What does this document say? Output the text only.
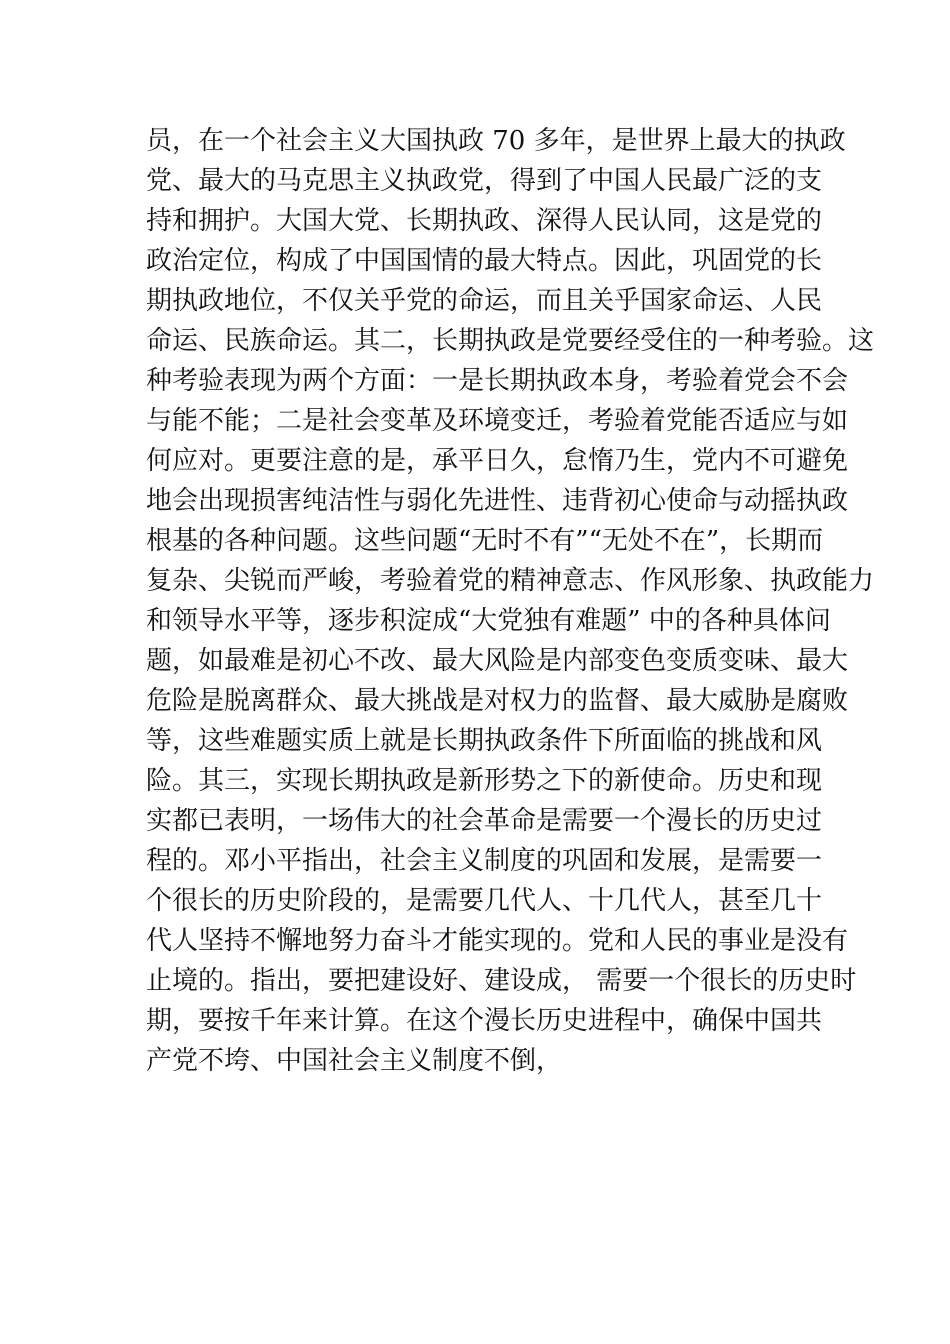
员，在一个社会主义大国执政 70 多年，是世界上最大的执政

党、最大的马克思主义执政党，得到了中国人民最广泛的支

持和拥护。大国大党、长期执政、深得人民认同，这是党的

政治定位，构成了中国国情的最大特点。因此，巩固党的长

期执政地位，不仅关乎党的命运，而且关乎国家命运、人民

命运、民族命运。其二，长期执政是党要经受住的一种考验。这

种考验表现为两个方面：一是长期执政本身，考验着党会不会

与能不能；二是社会变革及环境变迁，考验着党能否适应与如

何应对。更要注意的是，承平日久，怠惰乃生，党内不可避免

地会出现损害纯洁性与弱化先进性、违背初心使命与动摇执政

根基的各种问题。这些问题“无时不有”“无处不在”，长期而

复杂、尖锐而严峻，考验着党的精神意志、作风形象、执政能力

和领导水平等，逐步积淀成“大党独有难题” 中的各种具体问

题，如最难是初心不改、最大风险是内部变色变质变味、最大

危险是脱离群众、最大挑战是对权力的监督、最大威胁是腐败

等，这些难题实质上就是长期执政条件下所面临的挑战和风

险。其三，实现长期执政是新形势之下的新使命。历史和现

实都已表明，一场伟大的社会革命是需要一个漫长的历史过

程的。邓小平指出，社会主义制度的巩固和发展，是需要一

个很长的历史阶段的，是需要几代人、十几代人，甚至几十

代人坚持不懈地努力奋斗才能实现的。党和人民的事业是没有

止境的。指出，要把建设好、建设成， 需要一个很长的历史时

期，要按千年来计算。在这个漫长历史进程中，确保中国共

产党不垮、中国社会主义制度不倒，
